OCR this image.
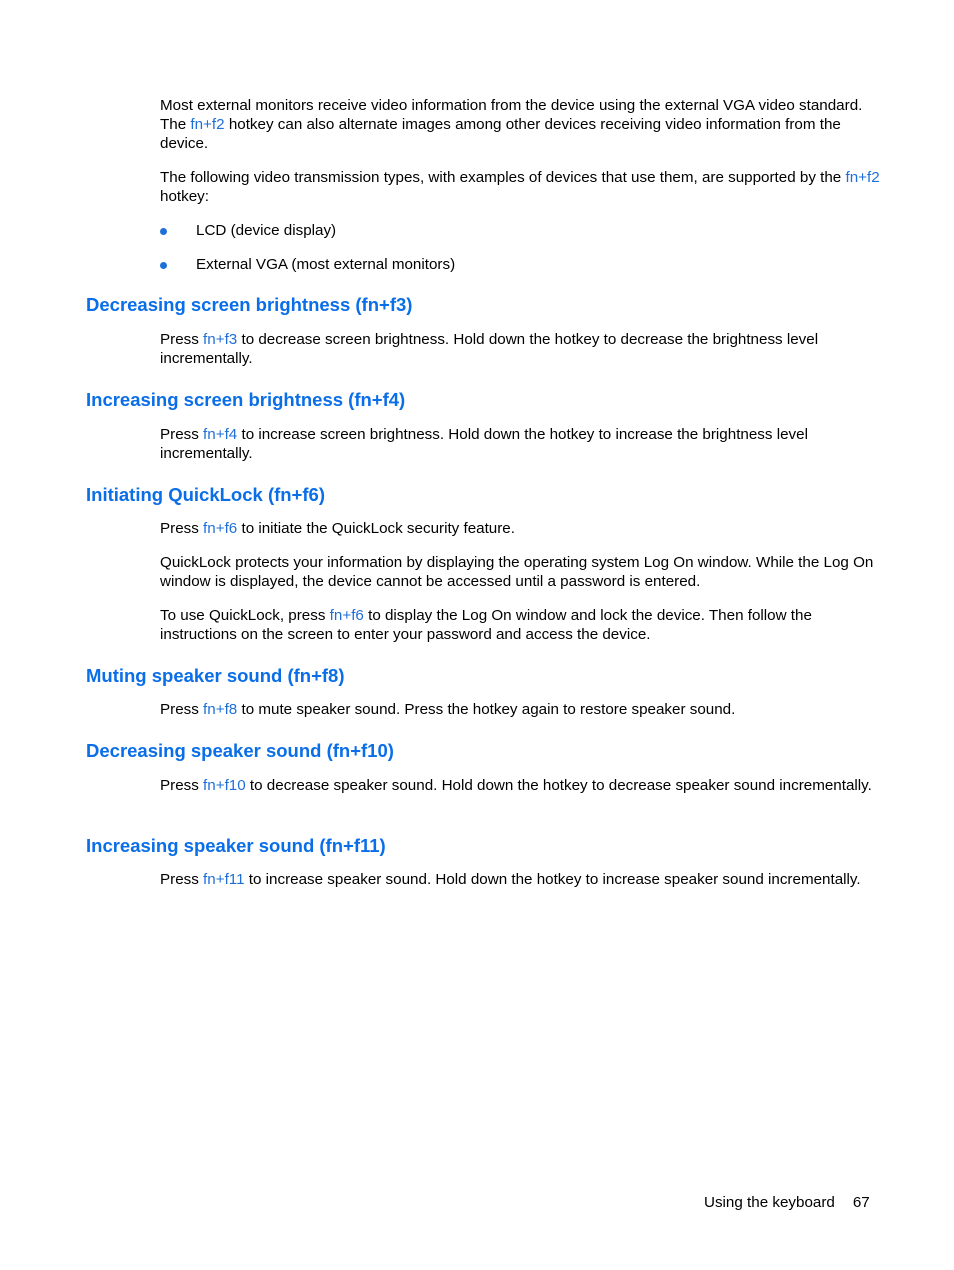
Most external monitors receive video information from the device using the external VGA video standard. The fn+f2 hotkey can also alternate images among other devices receiving video information from the device.

The following video transmission types, with examples of devices that use them, are supported by the fn+f2 hotkey:

LCD (device display)
External VGA (most external monitors)
Decreasing screen brightness (fn+f3)

Press fn+f3 to decrease screen brightness. Hold down the hotkey to decrease the brightness level incrementally.

Increasing screen brightness (fn+f4)

Press fn+f4 to increase screen brightness. Hold down the hotkey to increase the brightness level incrementally.

Initiating QuickLock (fn+f6)

Press fn+f6 to initiate the QuickLock security feature.

QuickLock protects your information by displaying the operating system Log On window. While the Log On window is displayed, the device cannot be accessed until a password is entered.

To use QuickLock, press fn+f6 to display the Log On window and lock the device. Then follow the instructions on the screen to enter your password and access the device.

Muting speaker sound (fn+f8)

Press fn+f8 to mute speaker sound. Press the hotkey again to restore speaker sound.

Decreasing speaker sound (fn+f10)

Press fn+f10 to decrease speaker sound. Hold down the hotkey to decrease speaker sound incrementally.

Increasing speaker sound (fn+f11)

Press fn+f11 to increase speaker sound. Hold down the hotkey to increase speaker sound incrementally.

Using the keyboard 67
